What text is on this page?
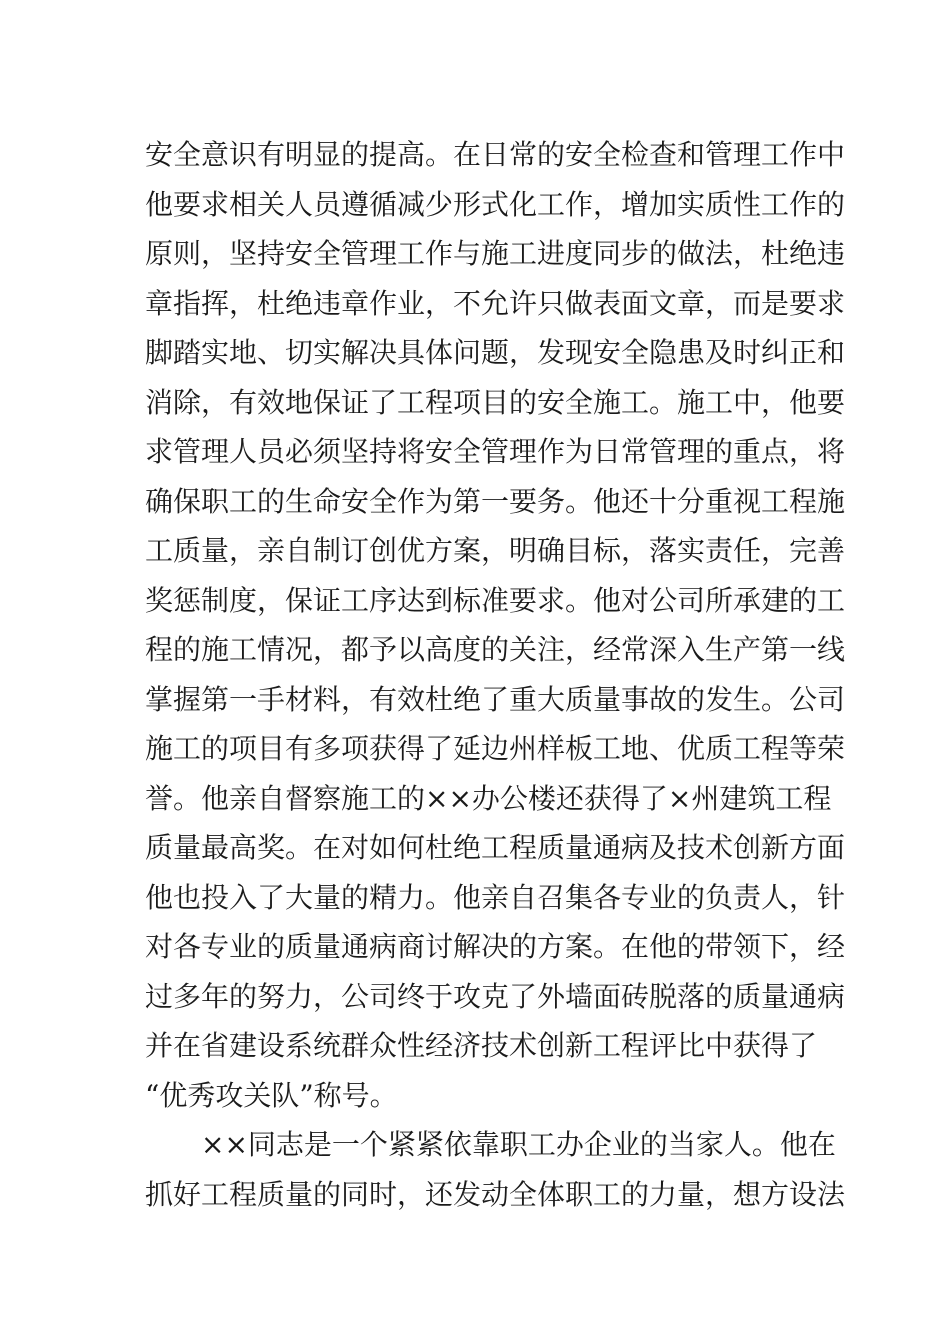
安全意识有明显的提高。在日常的安全检查和管理工作中
他要求相关人员遵循减少形式化工作，增加实质性工作的
原则，坚持安全管理工作与施工进度同步的做法，杜绝违
章指挥，杜绝违章作业，不允许只做表面文章，而是要求
脚踏实地、切实解决具体问题，发现安全隐患及时纠正和
消除，有效地保证了工程项目的安全施工。施工中，他要
求管理人员必须坚持将安全管理作为日常管理的重点，将
确保职工的生命安全作为第一要务。他还十分重视工程施
工质量，亲自制订创优方案，明确目标，落实责任，完善
奖惩制度，保证工序达到标准要求。他对公司所承建的工
程的施工情况，都予以高度的关注，经常深入生产第一线
掌握第一手材料，有效杜绝了重大质量事故的发生。公司
施工的项目有多项获得了延边州样板工地、优质工程等荣
誉。他亲自督察施工的××办公楼还获得了×州建筑工程
质量最高奖。在对如何杜绝工程质量通病及技术创新方面
他也投入了大量的精力。他亲自召集各专业的负责人，针
对各专业的质量通病商讨解决的方案。在他的带领下，经
过多年的努力，公司终于攻克了外墙面砖脱落的质量通病
并在省建设系统群众性经济技术创新工程评比中获得了
“优秀攻关队”称号。
××同志是一个紧紧依靠职工办企业的当家人。他在
抓好工程质量的同时，还发动全体职工的力量，想方设法
